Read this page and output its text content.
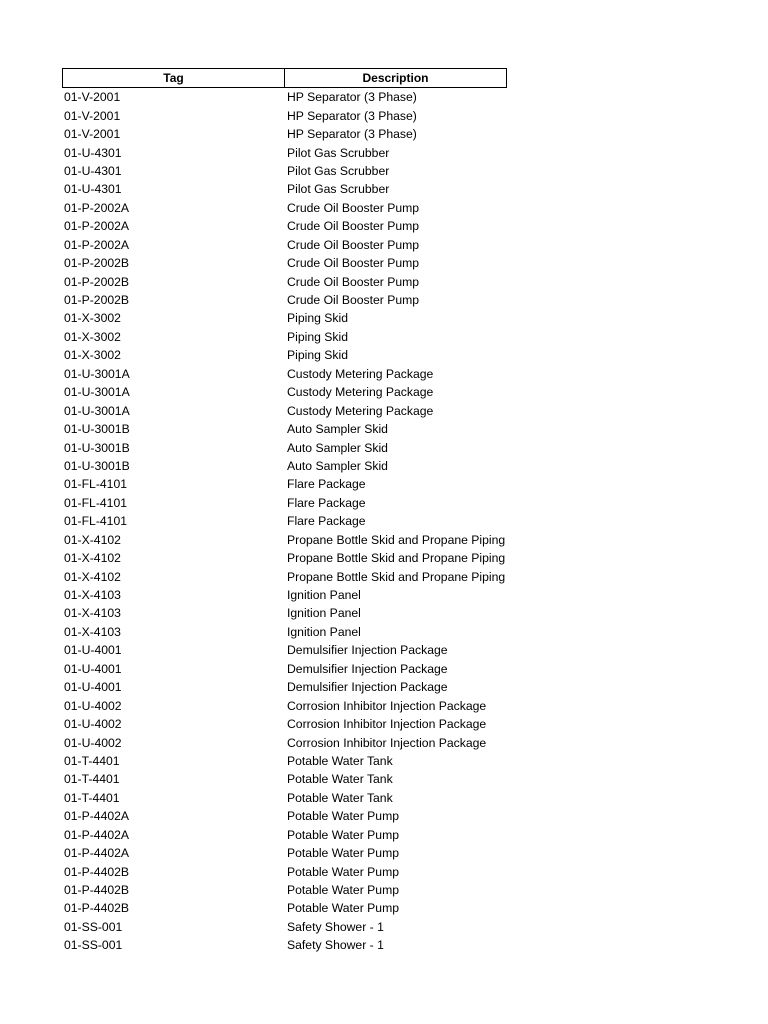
Tag	Description
01-V-2001	HP Separator (3 Phase)
01-V-2001	HP Separator (3 Phase)
01-V-2001	HP Separator (3 Phase)
01-U-4301	Pilot Gas Scrubber
01-U-4301	Pilot Gas Scrubber
01-U-4301	Pilot Gas Scrubber
01-P-2002A	Crude Oil Booster Pump
01-P-2002A	Crude Oil Booster Pump
01-P-2002A	Crude Oil Booster Pump
01-P-2002B	Crude Oil Booster Pump
01-P-2002B	Crude Oil Booster Pump
01-P-2002B	Crude Oil Booster Pump
01-X-3002	Piping Skid
01-X-3002	Piping Skid
01-X-3002	Piping Skid
01-U-3001A	Custody Metering Package
01-U-3001A	Custody Metering Package
01-U-3001A	Custody Metering Package
01-U-3001B	Auto Sampler Skid
01-U-3001B	Auto Sampler Skid
01-U-3001B	Auto Sampler Skid
01-FL-4101	Flare Package
01-FL-4101	Flare Package
01-FL-4101	Flare Package
01-X-4102	Propane Bottle Skid and Propane Piping
01-X-4102	Propane Bottle Skid and Propane Piping
01-X-4102	Propane Bottle Skid and Propane Piping
01-X-4103	Ignition Panel
01-X-4103	Ignition Panel
01-X-4103	Ignition Panel
01-U-4001	Demulsifier Injection Package
01-U-4001	Demulsifier Injection Package
01-U-4001	Demulsifier Injection Package
01-U-4002	Corrosion Inhibitor Injection Package
01-U-4002	Corrosion Inhibitor Injection Package
01-U-4002	Corrosion Inhibitor Injection Package
01-T-4401	Potable Water Tank
01-T-4401	Potable Water Tank
01-T-4401	Potable Water Tank
01-P-4402A	Potable Water Pump
01-P-4402A	Potable Water Pump
01-P-4402A	Potable Water Pump
01-P-4402B	Potable Water Pump
01-P-4402B	Potable Water Pump
01-P-4402B	Potable Water Pump
01-SS-001	Safety Shower - 1
01-SS-001	Safety Shower - 1
